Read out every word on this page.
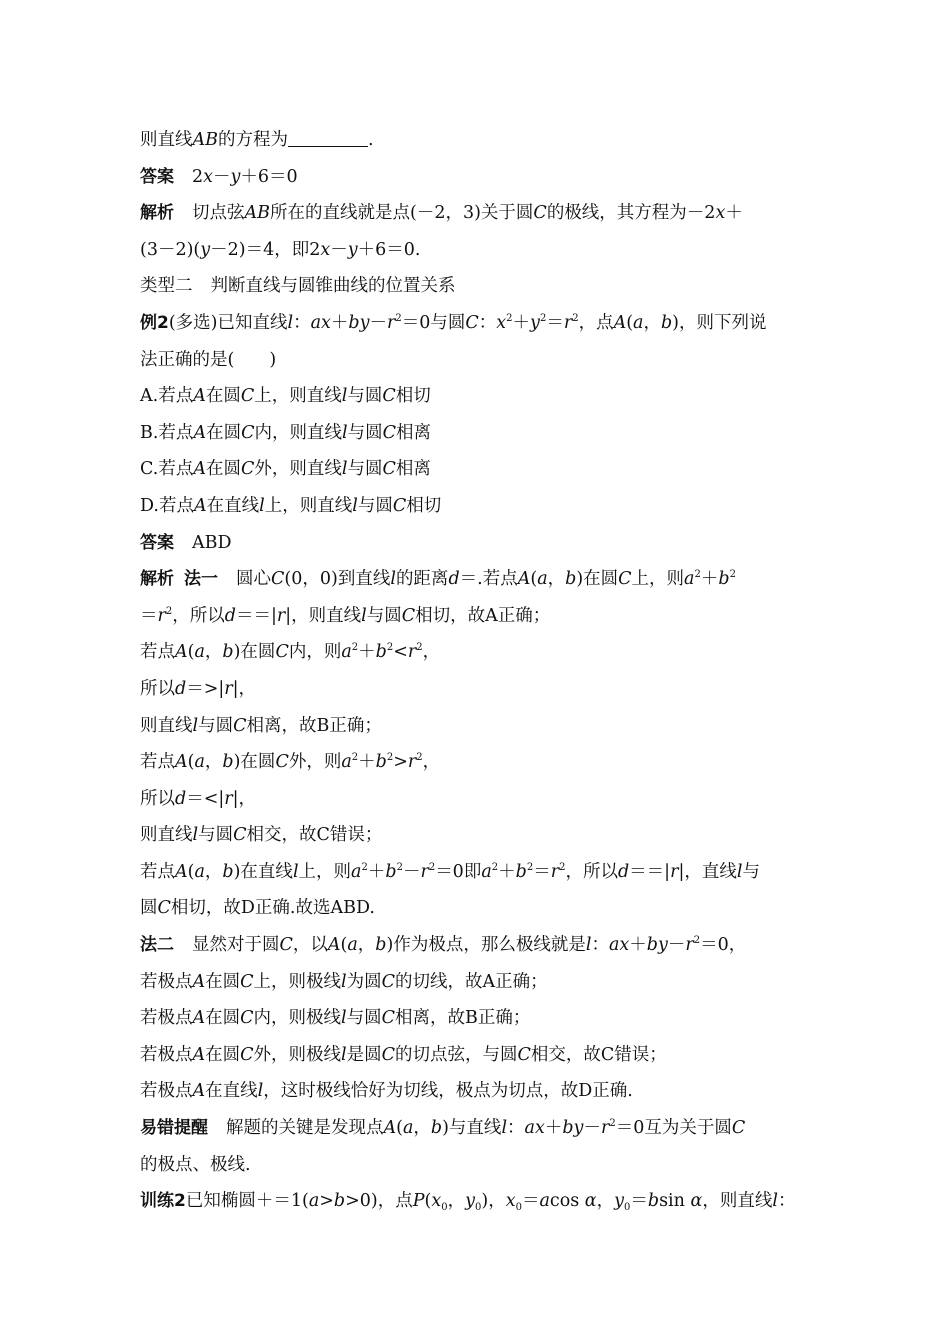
则直线AB的方程为	.
答案 2x－y＋6＝0
解析 切点弦AB所在的直线就是点(－2，3)关于圆C的极线，其方程为－2x＋
(3－2)(y－2)＝4，即2x－y＋6＝0.
类型二 判断直线与圆锥曲线的位置关系
例2(多选)已知直线l：$ax+by-r^2=0$与圆C：$x^2+y^2=r^2$，点A(a，b)，则下列说
法正确的是(　　)
A.若点A在圆C上，则直线l与圆C相切
B.若点A在圆C内，则直线l与圆C相离
C.若点A在圆C外，则直线l与圆C相离
D.若点A在直线l上，则直线l与圆C相切
答案 ABD
解析 法一 圆心C(0，0)到直线l的距离d＝.若点A(a，b)在圆C上，则$a^2+b^2$
$=r^2$，所以d＝＝|r|，则直线l与圆C相切，故A正确；
若点A(a，b)在圆C内，则$a^2+b^2<r^2$，
所以d＝>|r|，
则直线l与圆C相离，故B正确；
若点A(a，b)在圆C外，则$a^2+b^2>r^2$，
所以d＝<|r|，
则直线l与圆C相交，故C错误；
若点A(a，b)在直线l上，则$a^2+b^2-r^2=0$即$a^2+b^2=r^2$，所以d＝＝|r|，直线l与
圆C相切，故D正确.故选ABD.
法二 显然对于圆C，以A(a，b)作为极点，那么极线就是l：$ax+by-r^2=0$，
若极点A在圆C上，则极线l为圆C的切线，故A正确；
若极点A在圆C内，则极线l与圆C相离，故B正确；
若极点A在圆C外，则极线l是圆C的切点弦，与圆C相交，故C错误；
若极点A在直线l，这时极线恰好为切线，极点为切点，故D正确.
易错提醒 解题的关键是发现点A(a，b)与直线l：$ax+by-r^2=0$互为关于圆C
的极点、极线.
训练2已知椭圆＋＝1(a>b>0)，点$P(x_0$，$y_0$)，$x_0=acos$ α，$y_0=bsin$ α，则直线l：
